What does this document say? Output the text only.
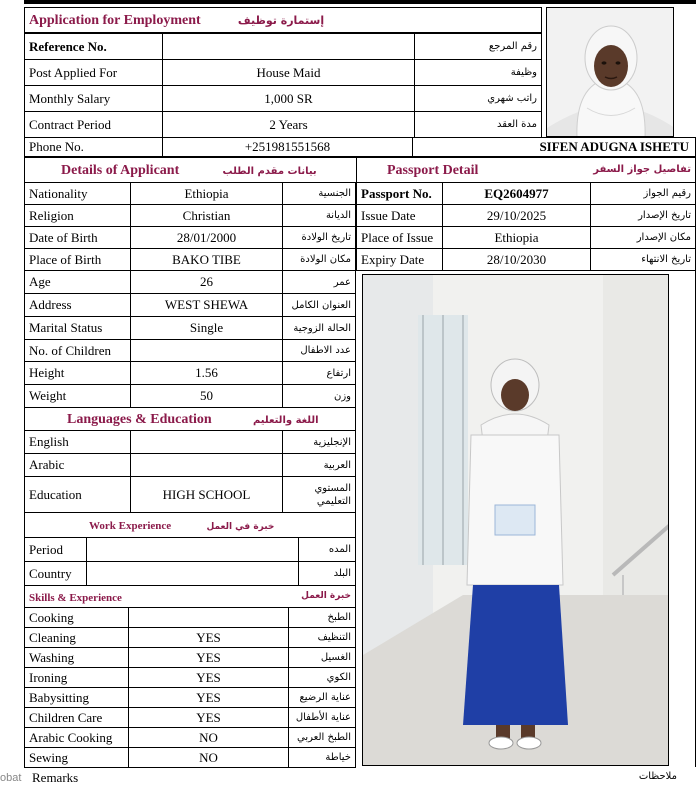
Application for Employment	إستمارة توظيف
Reference No.		رقم المرجع
Post Applied For	House Maid	وظيفة
Monthly Salary	1,000 SR	راتب شهري
Contract Period	2 Years	مدة العقد
Phone No.	+251981551568	SIFEN ADUGNA ISHETU
Details of Applicant بيانات مقدم الطلب		
Nationality	Ethiopia	الجنسية
Religion	Christian	الديانة
Date of Birth	28/01/2000	تاريخ الولادة
Place of Birth	BAKO TIBE	مكان الولادة
Age	26	عمر
Address	WEST SHEWA	العنوان الكامل
Marital Status	Single	الحالة الزوجية
No. of Children		عدد الاطفال
Height	1.56	ارتفاع
Weight	50	وزن
Passport Detail تفاصيل جواز السفر		

Passport No.	EQ2604977	رقيم الجواز
Issue Date	29/10/2025	تاريخ الإصدار
Place of Issue	Ethiopia	مكان الإصدار
Expiry Date	28/10/2030	تاريخ الانتهاء
Languages & Education اللغة والتعليم		
English		الإنجليزية
Arabic		العربية
Education	HIGH SCHOOL	المستوي
التعليمي
Work Experience خبرة في العمل		
Period		المده
Country		البلد
Skills & Experience خبرة العمل		

Cooking		الطبخ
Cleaning	YES	التنظيف
Washing	YES	الغسيل
Ironing	YES	الكوي
Babysitting	YES	عناية الرضيع
Children Care	YES	عناية الأطفال
Arabic Cooking	NO	الطبخ العربي
Sewing	NO	خياطة
obat Remarks	ملاحظات
